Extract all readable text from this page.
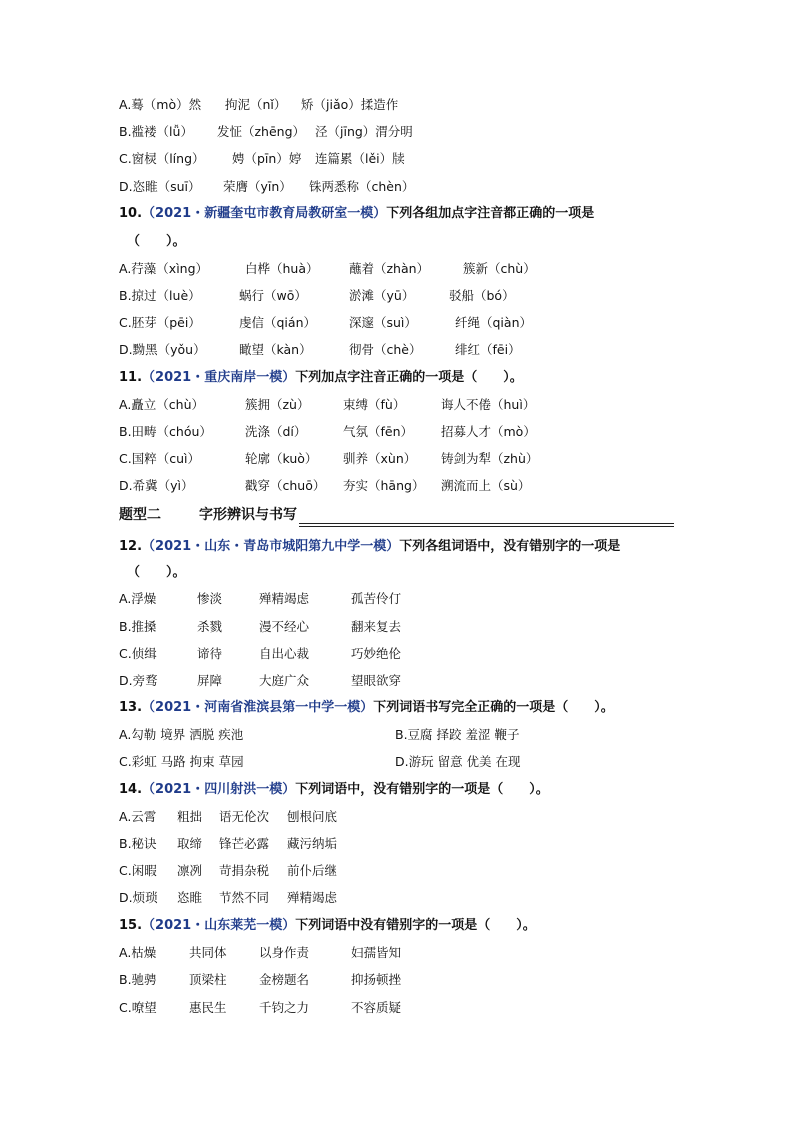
A.蓦（mò）然 拘泥（nǐ） 矫（jiǎo）揉造作
B.褴褛（lǚ） 发怔（zhēng） 泾（jīng）渭分明
C.窗棂（líng） 娉（pīn）婷 连篇累（lěi）牍
D.恣睢（suī） 荣膺（yīn） 铢两悉称（chèn）
10.（2021・新疆奎屯市教育局教研室一模）下列各组加点字注音都正确的一项是
（　　）。
A.荇藻（xìng）	白桦（huà） 蘸着（zhàn）	簇新（chù）
B.掠过（luè）	蜗行（wō）	淤滩（yū）	驳船（bó）
C.胚芽（pēi）	虔信（qián）	深邃（suì）	纤绳（qiàn）
D.黝黑（yǒu）	瞰望（kàn）	彻骨（chè）	绯红（fēi）
11.（2021・重庆南岸一模）下列加点字注音正确的一项是（　　）。
A.矗立（chù）	簇拥（zù）	束缚（fù）	诲人不倦（huì）
B.田畴（chóu）	洗涤（dí）	气氛（fēn） 招募人才（mò）
C.国粹（cuì）	轮廓（kuò） 驯养（xùn） 铸剑为犁（zhù）
D.希冀（yì）	戳穿（chuō） 夯实（hāng） 溯流而上（sù）
题型二	字形辨识与书写
12.（2021・山东・青岛市城阳第九中学一模）下列各组词语中，没有错别字的一项是
（　　）。
A.浮燥	惨淡	殚精竭虑	孤苦伶仃
B.推搡	杀戮	漫不经心	翻来复去
C.侦缉	谛待	自出心裁	巧妙绝伦
D.旁骛	屏障	大庭广众	望眼欲穿
13.（2021・河南省淮滨县第一中学一模）下列词语书写完全正确的一项是（　　）。
A.勾勒 境界 洒脱 疾池	B.豆腐 择跤 羞涩 鞭子
C.彩虹 马路 拘束 草园	D.游玩 留意 优美 在现
14.（2021・四川射洪一模）下列词语中，没有错别字的一项是（　　）。
A.云霄 粗拙 语无伦次 刨根问底
B.秘诀 取缔 锋芒必露 藏污纳垢
C.闲暇 凛冽 苛捐杂税 前仆后继
D.烦琐 恣睢 节然不同 殚精竭虑
15.（2021・山东莱芜一模）下列词语中没有错别字的一项是（　　）。
A.枯燥	共同体	以身作责	妇孺皆知
B.驰骋	顶梁柱	金榜题名	抑扬顿挫
C.嘹望	惠民生	千钧之力	不容质疑
